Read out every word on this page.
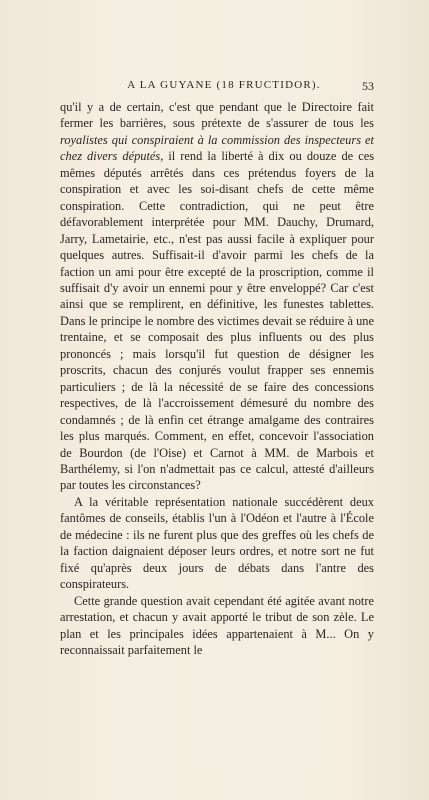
A LA GUYANE (18 FRUCTIDOR).	53

qu'il y a de certain, c'est que pendant que le Directoire fait fermer les barrières, sous prétexte de s'assurer de tous les royalistes qui conspiraient à la commission des inspecteurs et chez divers députés, il rend la liberté à dix ou douze de ces mêmes députés arrêtés dans ces prétendus foyers de la conspiration et avec les soi-disant chefs de cette même conspiration. Cette contradiction, qui ne peut être défavorablement interprétée pour MM. Dauchy, Drumard, Jarry, Lametairie, etc., n'est pas aussi facile à expliquer pour quelques autres. Suffisait-il d'avoir parmi les chefs de la faction un ami pour être excepté de la proscription, comme il suffisait d'y avoir un ennemi pour y être enveloppé? Car c'est ainsi que se remplirent, en définitive, les funestes tablettes. Dans le principe le nombre des victimes devait se réduire à une trentaine, et se composait des plus influents ou des plus prononcés ; mais lorsqu'il fut question de désigner les proscrits, chacun des conjurés voulut frapper ses ennemis particuliers ; de là la nécessité de se faire des concessions respectives, de là l'accroissement démesuré du nombre des condamnés ; de là enfin cet étrange amalgame des contraires les plus marqués. Comment, en effet, concevoir l'association de Bourdon (de l'Oise) et Carnot à MM. de Marbois et Barthélemy, si l'on n'admettait pas ce calcul, attesté d'ailleurs par toutes les circonstances?

A la véritable représentation nationale succédèrent deux fantômes de conseils, établis l'un à l'Odéon et l'autre à l'École de médecine : ils ne furent plus que des greffes où les chefs de la faction daignaient déposer leurs ordres, et notre sort ne fut fixé qu'après deux jours de débats dans l'antre des conspirateurs.

Cette grande question avait cependant été agitée avant notre arrestation, et chacun y avait apporté le tribut de son zèle. Le plan et les principales idées appartenaient à M... On y reconnaissait parfaitement le
